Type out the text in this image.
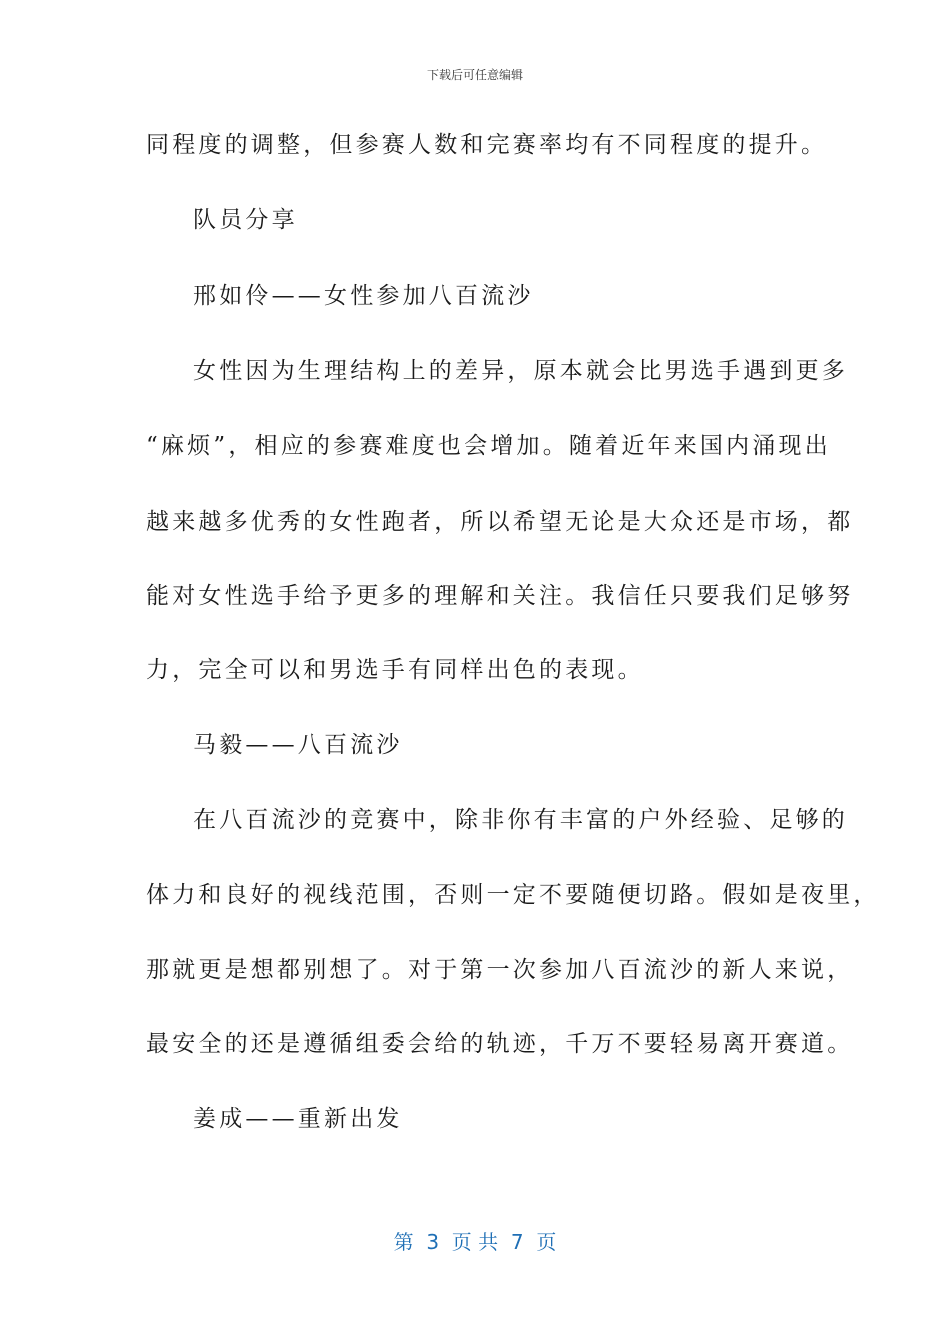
下载后可任意编辑
同程度的调整，但参赛人数和完赛率均有不同程度的提升。
队员分享
邢如伶——女性参加八百流沙
女性因为生理结构上的差异，原本就会比男选手遇到更多
“麻烦”，相应的参赛难度也会增加。随着近年来国内涌现出
越来越多优秀的女性跑者，所以希望无论是大众还是市场，都
能对女性选手给予更多的理解和关注。我信任只要我们足够努
力，完全可以和男选手有同样出色的表现。
马毅——八百流沙
在八百流沙的竞赛中，除非你有丰富的户外经验、足够的
体力和良好的视线范围，否则一定不要随便切路。假如是夜里，
那就更是想都别想了。对于第一次参加八百流沙的新人来说，
最安全的还是遵循组委会给的轨迹，千万不要轻易离开赛道。
姜成——重新出发
第  3  页 共  7  页
